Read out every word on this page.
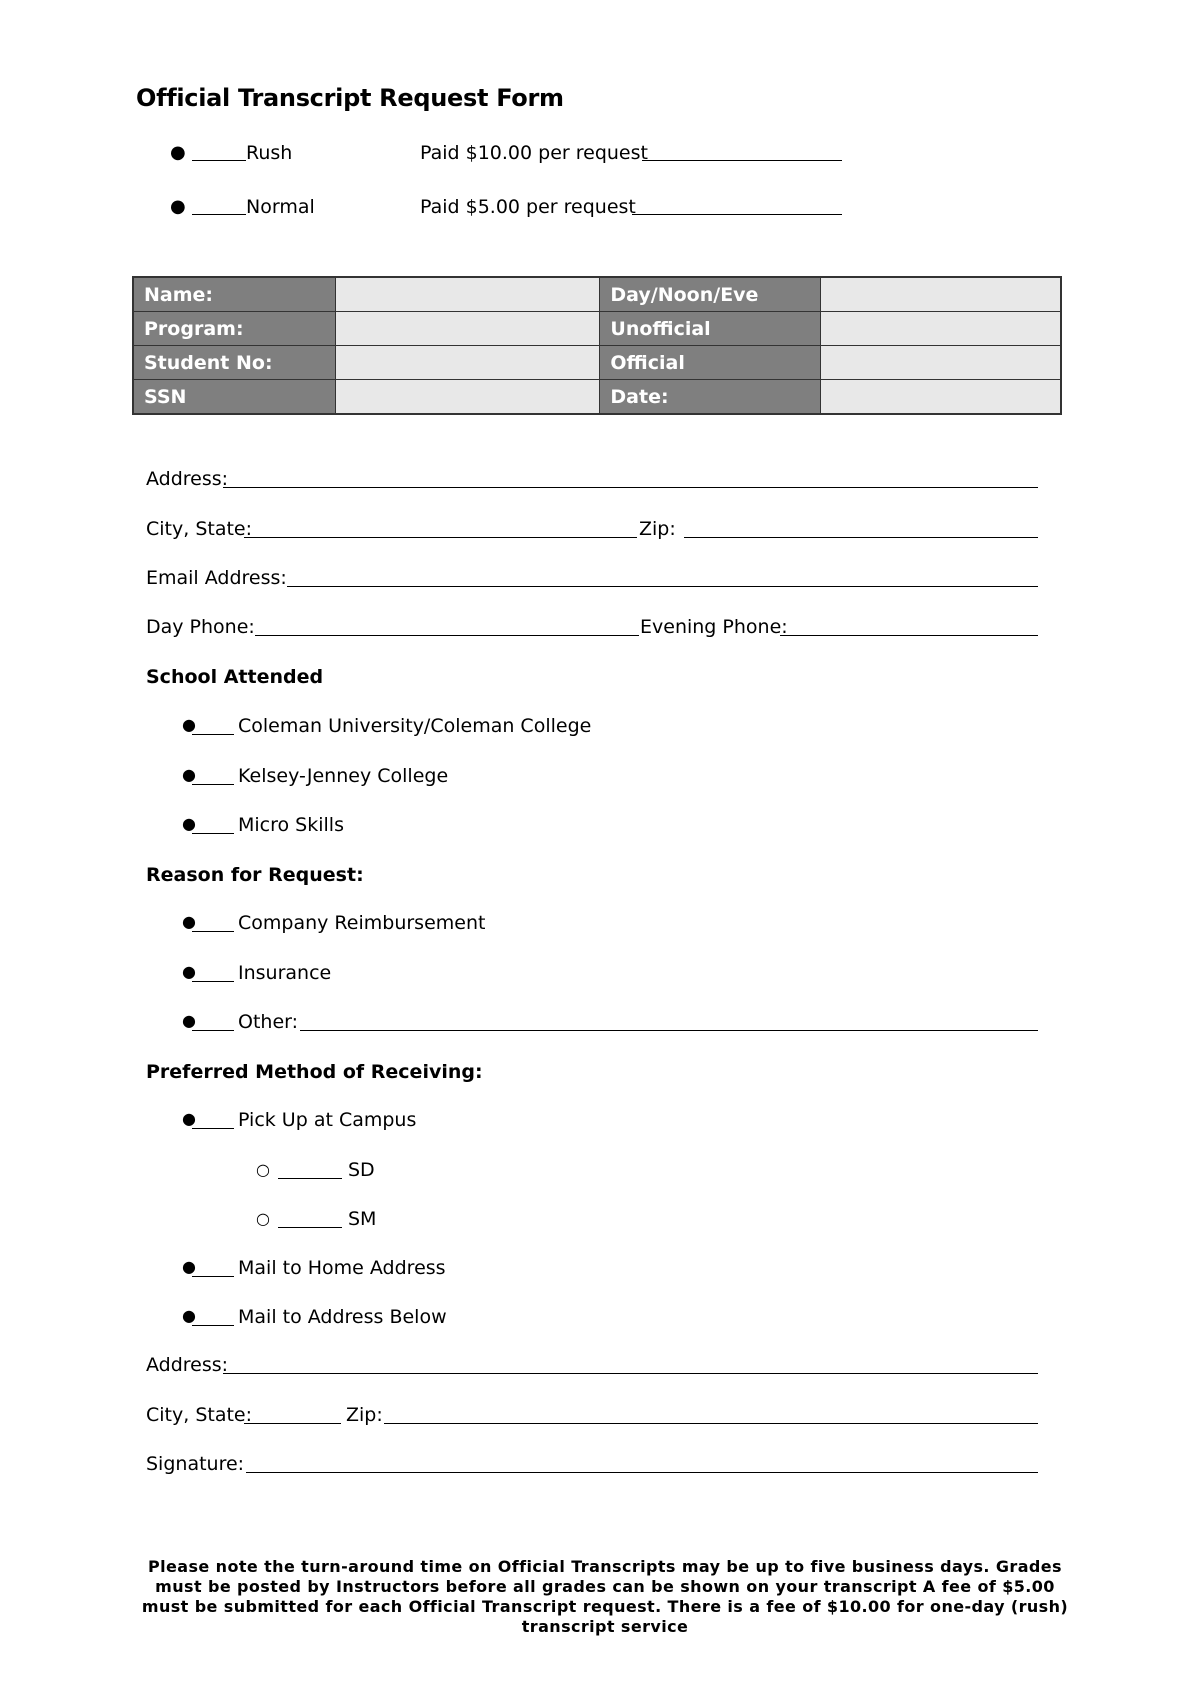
Official Transcript Request Form
●	Rush	Paid $10.00 per request
●	Normal	Paid $5.00 per request
Name:		Day/Noon/Eve	
Program:		Unofficial	
Student No:		Official	
SSN		Date:	
Address:
City, State:	Zip:
Email Address:
Day Phone:	Evening Phone:
School Attended
● Coleman University/Coleman College
● Kelsey-Jenney College
● Micro Skills
Reason for Request:
● Company Reimbursement
● Insurance
● Other:
Preferred Method of Receiving:
● Pick Up at Campus
○	SD
○	SM
● Mail to Home Address
● Mail to Address Below
Address:
City, State:	Zip:
Signature:
Please note the turn-around time on Official Transcripts may be up to five business days. Grades must be posted by Instructors before all grades can be shown on your transcript A fee of $5.00 must be submitted for each Official Transcript request. There is a fee of $10.00 for one-day (rush) transcript service
